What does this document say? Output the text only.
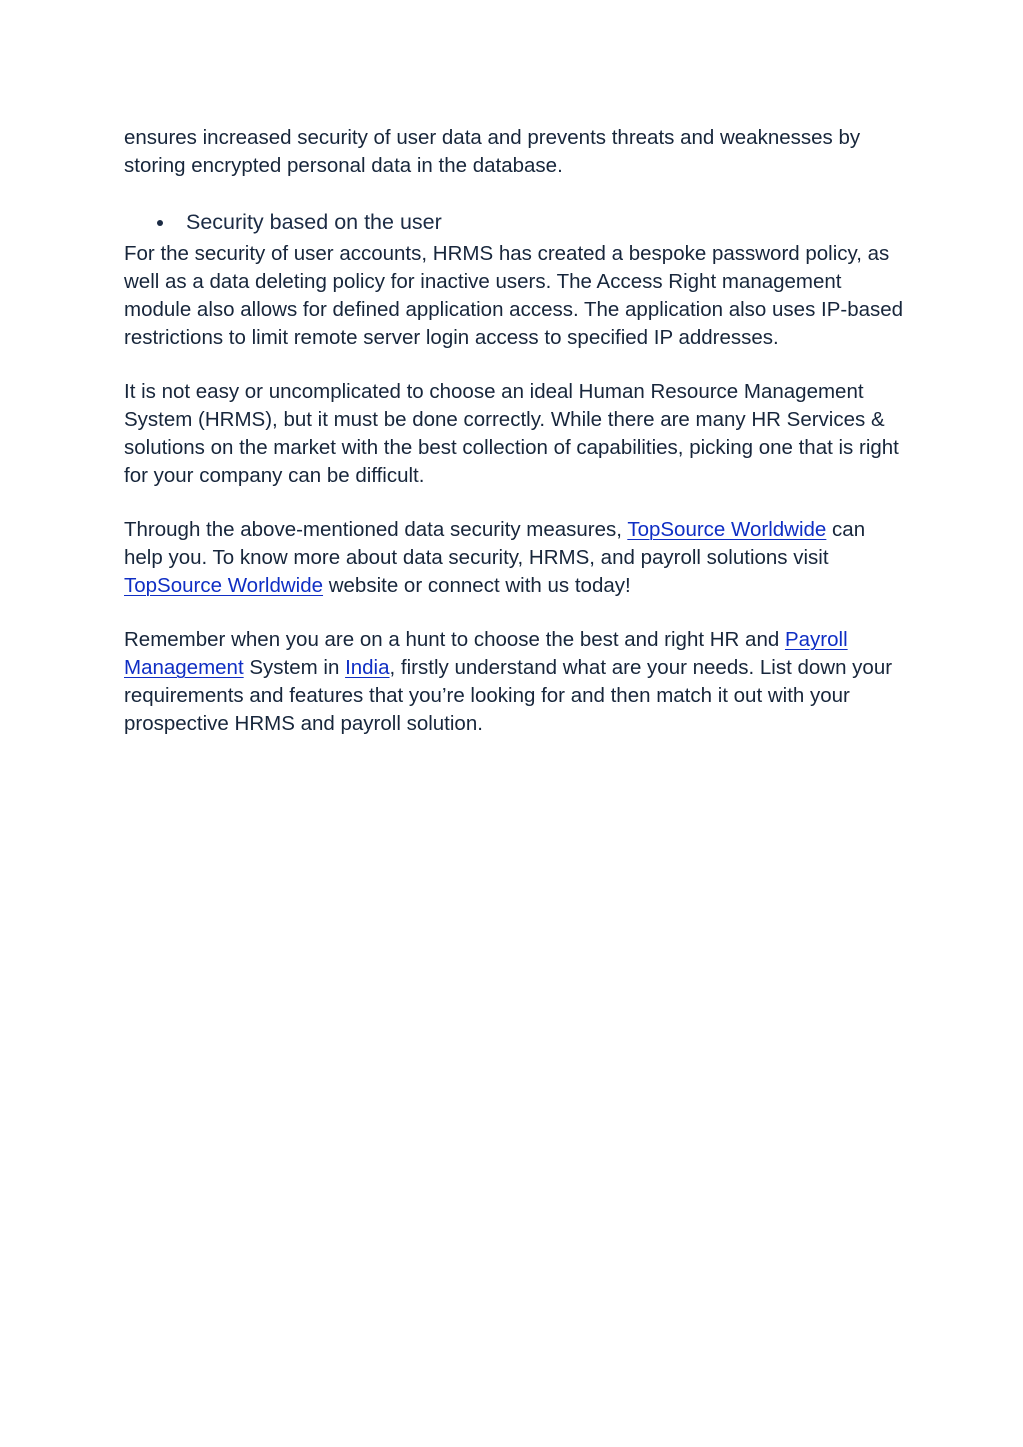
ensures increased security of user data and prevents threats and weaknesses by storing encrypted personal data in the database.

Security based on the user

For the security of user accounts, HRMS has created a bespoke password policy, as well as a data deleting policy for inactive users. The Access Right management module also allows for defined application access. The application also uses IP-based restrictions to limit remote server login access to specified IP addresses.

It is not easy or uncomplicated to choose an ideal Human Resource Management System (HRMS), but it must be done correctly. While there are many HR Services & solutions on the market with the best collection of capabilities, picking one that is right for your company can be difficult.

Through the above-mentioned data security measures, TopSource Worldwide can help you. To know more about data security, HRMS, and payroll solutions visit TopSource Worldwide website or connect with us today!

Remember when you are on a hunt to choose the best and right HR and Payroll Management System in India, firstly understand what are your needs. List down your requirements and features that you’re looking for and then match it out with your prospective HRMS and payroll solution.
